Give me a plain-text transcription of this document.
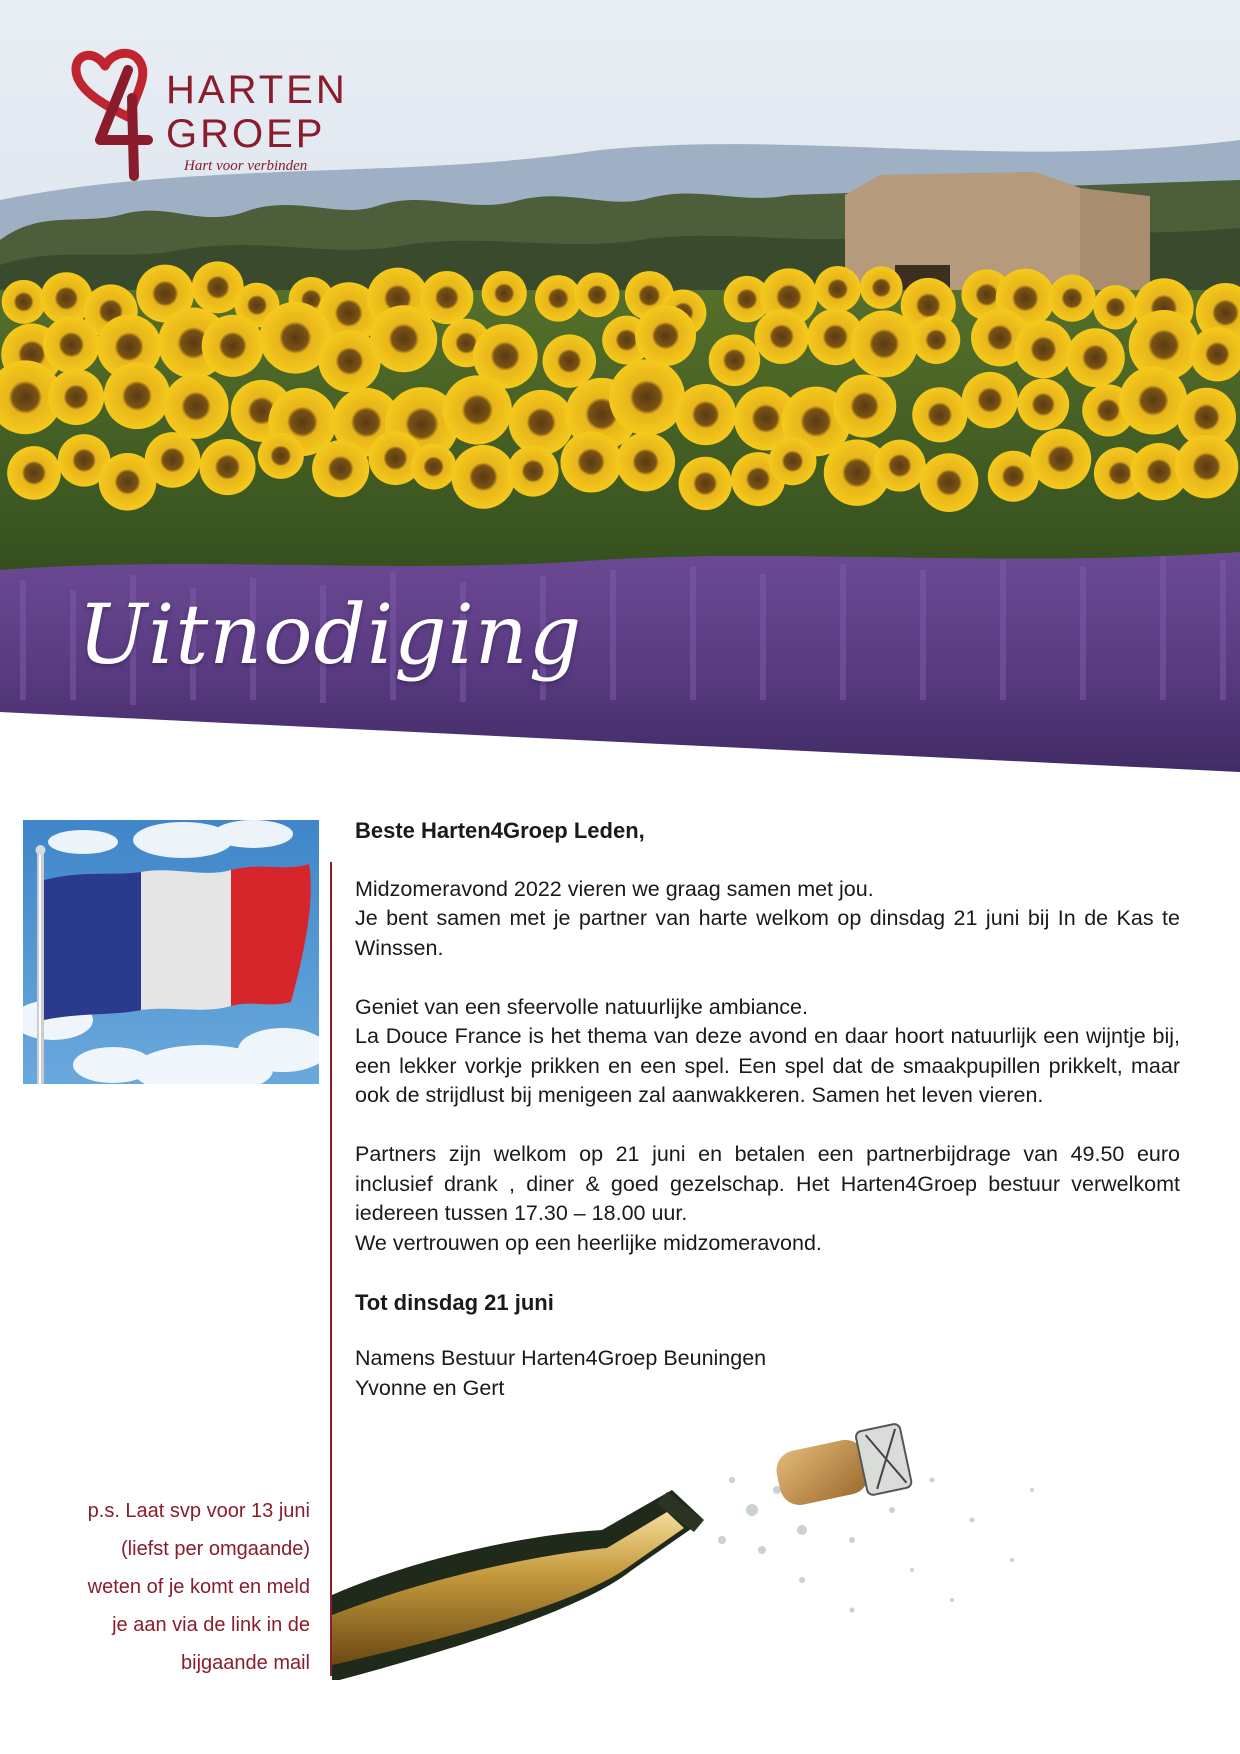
HARTEN
GROEP
Hart voor verbinden
Uitnodiging
Beste Harten4Groep Leden,

Midzomeravond 2022 vieren we graag samen met jou.
Je bent samen met je partner van harte welkom op dinsdag 21 juni bij In de Kas te Winssen.

Geniet van een sfeervolle natuurlijke ambiance.
La Douce France is het thema van deze avond en daar hoort natuurlijk een wijntje bij, een lekker vorkje prikken en een spel. Een spel dat de smaakpupillen prikkelt, maar ook de strijdlust bij menigeen zal aanwakkeren. Samen het leven vieren.

Partners zijn welkom op 21 juni en betalen een partnerbijdrage van 49.50 euro inclusief drank , diner & goed gezelschap. Het Harten4Groep bestuur verwelkomt iedereen tussen 17.30 – 18.00 uur.
We vertrouwen op een heerlijke midzomeravond.

Tot dinsdag 21 juni
Namens Bestuur Harten4Groep Beuningen
Yvonne en Gert
p.s. Laat svp voor 13 juni
(liefst per omgaande)
weten of je komt en meld
je aan via de link in de
bijgaande mail
